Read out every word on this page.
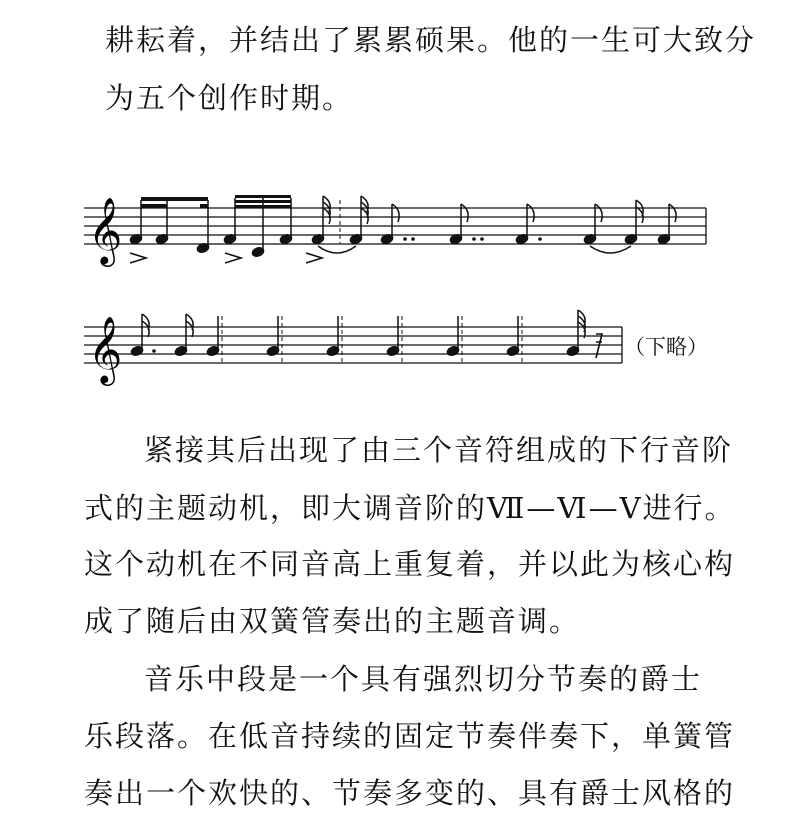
耕耘着，并结出了累累硕果。他的一生可大致分
为五个创作时期。
𝄞
𝄞	（下略）
紧接其后出现了由三个音符组成的下行音阶
式的主题动机，即大调音阶的Ⅶ—Ⅵ—Ⅴ进行。
这个动机在不同音高上重复着，并以此为核心构
成了随后由双簧管奏出的主题音调。
音乐中段是一个具有强烈切分节奏的爵士
乐段落。在低音持续的固定节奏伴奏下，单簧管
奏出一个欢快的、节奏多变的、具有爵士风格的
